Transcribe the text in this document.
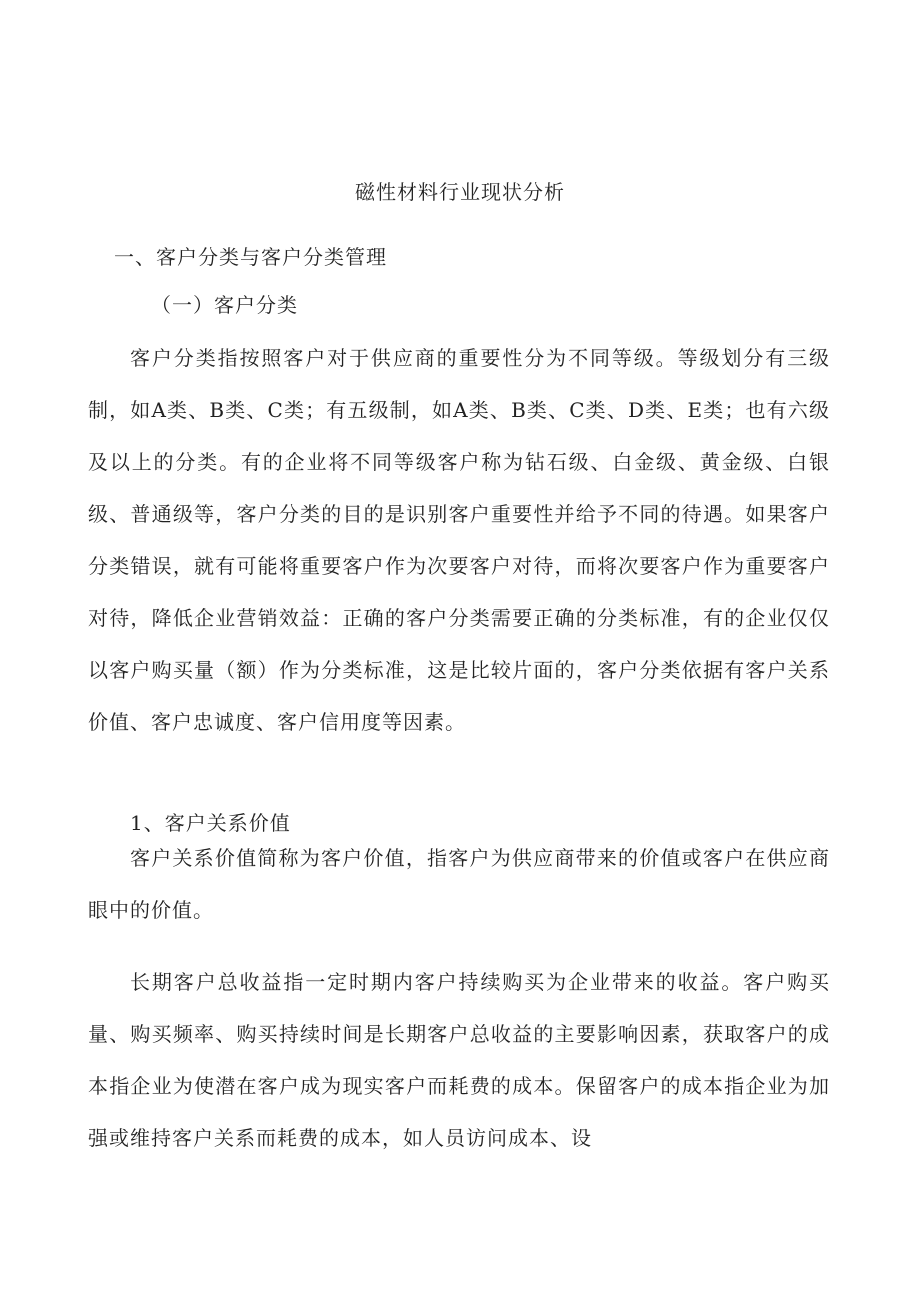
磁性材料行业现状分析
一、客户分类与客户分类管理
（一）客户分类

客户分类指按照客户对于供应商的重要性分为不同等级。等级划分有三级制，如A类、B类、C类；有五级制，如A类、B类、C类、D类、E类；也有六级及以上的分类。有的企业将不同等级客户称为钻石级、白金级、黄金级、白银级、普通级等，客户分类的目的是识别客户重要性并给予不同的待遇。如果客户分类错误，就有可能将重要客户作为次要客户对待，而将次要客户作为重要客户对待，降低企业营销效益：正确的客户分类需要正确的分类标准，有的企业仅仅以客户购买量（额）作为分类标准，这是比较片面的，客户分类依据有客户关系价值、客户忠诚度、客户信用度等因素。

1、客户关系价值

客户关系价值简称为客户价值，指客户为供应商带来的价值或客户在供应商眼中的价值。

长期客户总收益指一定时期内客户持续购买为企业带来的收益。客户购买量、购买频率、购买持续时间是长期客户总收益的主要影响因素，获取客户的成本指企业为使潜在客户成为现实客户而耗费的成本。保留客户的成本指企业为加强或维持客户关系而耗费的成本，如人员访问成本、设
